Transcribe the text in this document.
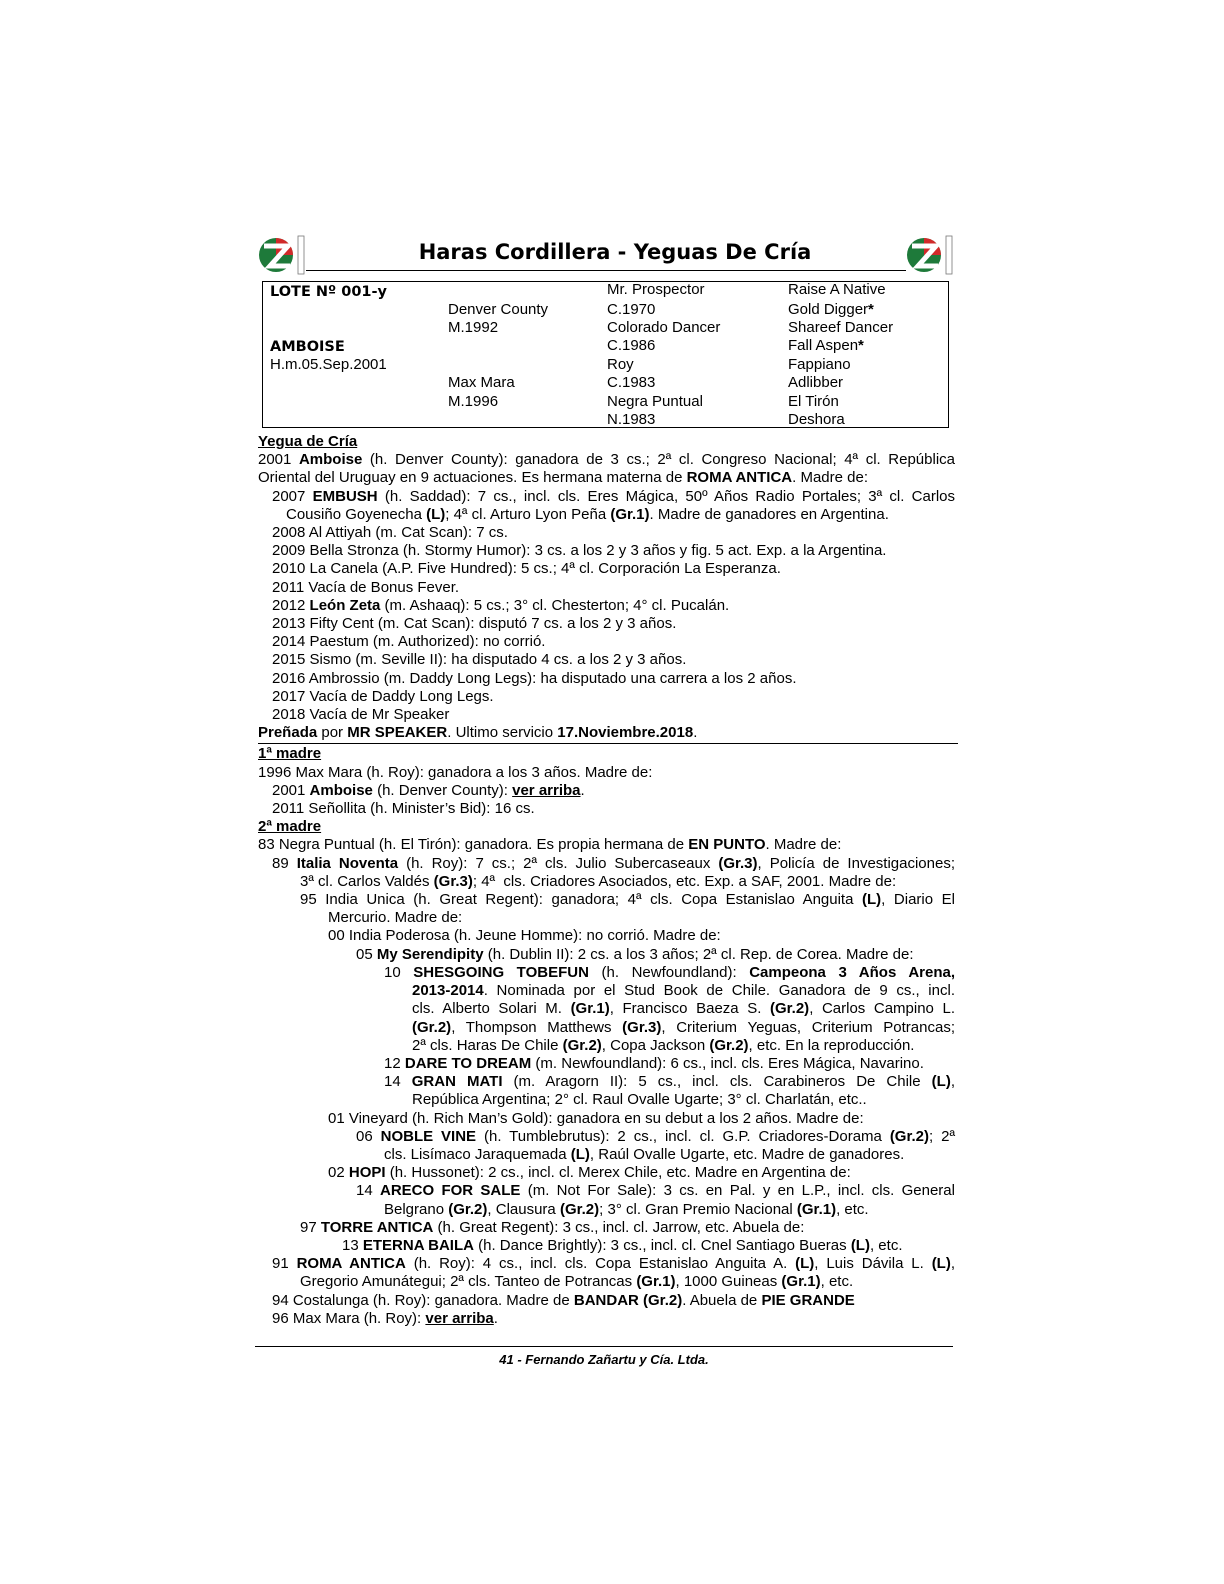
Haras Cordillera - Yeguas De Cría
LOTE Nº 001-y
AMBOISE
H.m.05.Sep.2001
Denver County
M.1992
Max Mara
M.1996
Mr. Prospector
C.1970
Colorado Dancer
C.1986
Roy
C.1983
Negra Puntual
N.1983
Raise A Native
Gold Digger*
Shareef Dancer
Fall Aspen*
Fappiano
Adlibber
El Tirón
Deshora
Yegua de Cría
2001 Amboise (h. Denver County): ganadora de 3 cs.; 2ª cl. Congreso Nacional; 4ª cl. República
Oriental del Uruguay en 9 actuaciones. Es hermana materna de ROMA ANTICA. Madre de:
2007 EMBUSH (h. Saddad): 7 cs., incl. cls. Eres Mágica, 50º Años Radio Portales; 3ª cl. Carlos
Cousiño Goyenecha (L); 4ª cl. Arturo Lyon Peña (Gr.1). Madre de ganadores en Argentina.
2008 Al Attiyah (m. Cat Scan): 7 cs.
2009 Bella Stronza (h. Stormy Humor): 3 cs. a los 2 y 3 años y fig. 5 act. Exp. a la Argentina.
2010 La Canela (A.P. Five Hundred): 5 cs.; 4ª cl. Corporación La Esperanza.
2011 Vacía de Bonus Fever.
2012 León Zeta (m. Ashaaq): 5 cs.; 3° cl. Chesterton; 4° cl. Pucalán.
2013 Fifty Cent (m. Cat Scan): disputó 7 cs. a los 2 y 3 años.
2014 Paestum (m. Authorized): no corrió.
2015 Sismo (m. Seville II): ha disputado 4 cs. a los 2 y 3 años.
2016 Ambrossio (m. Daddy Long Legs): ha disputado una carrera a los 2 años.
2017 Vacía de Daddy Long Legs.
2018 Vacía de Mr Speaker
Preñada por MR SPEAKER. Ultimo servicio 17.Noviembre.2018.
1ª madre
1996 Max Mara (h. Roy): ganadora a los 3 años. Madre de:
2001 Amboise (h. Denver County): ver arriba.
2011 Señollita (h. Minister’s Bid): 16 cs.
2ª madre
83 Negra Puntual (h. El Tirón): ganadora. Es propia hermana de EN PUNTO. Madre de:
89 Italia Noventa (h. Roy): 7 cs.; 2ª cls. Julio Subercaseaux (Gr.3), Policía de Investigaciones;
3ª cl. Carlos Valdés (Gr.3); 4ª  cls. Criadores Asociados, etc. Exp. a SAF, 2001. Madre de:
95 India Unica (h. Great Regent): ganadora; 4ª cls. Copa Estanislao Anguita (L), Diario El
Mercurio. Madre de:
00 India Poderosa (h. Jeune Homme): no corrió. Madre de:
05 My Serendipity (h. Dublin II): 2 cs. a los 3 años; 2ª cl. Rep. de Corea. Madre de:
10 SHESGOING TOBEFUN (h. Newfoundland): Campeona 3 Años Arena,
2013-2014. Nominada por el Stud Book de Chile. Ganadora de 9 cs., incl.
cls. Alberto Solari M. (Gr.1), Francisco Baeza S. (Gr.2), Carlos Campino L.
(Gr.2), Thompson Matthews (Gr.3), Criterium Yeguas, Criterium Potrancas;
2ª cls. Haras De Chile (Gr.2), Copa Jackson (Gr.2), etc. En la reproducción.
12 DARE TO DREAM (m. Newfoundland): 6 cs., incl. cls. Eres Mágica, Navarino.
14 GRAN MATI (m. Aragorn II): 5 cs., incl. cls. Carabineros De Chile (L),
República Argentina; 2° cl. Raul Ovalle Ugarte; 3° cl. Charlatán, etc..
01 Vineyard (h. Rich Man’s Gold): ganadora en su debut a los 2 años. Madre de:
06 NOBLE VINE (h. Tumblebrutus): 2 cs., incl. cl. G.P. Criadores-Dorama (Gr.2); 2ª
cls. Lisímaco Jaraquemada (L), Raúl Ovalle Ugarte, etc. Madre de ganadores.
02 HOPI (h. Hussonet): 2 cs., incl. cl. Merex Chile, etc. Madre en Argentina de:
14 ARECO FOR SALE (m. Not For Sale): 3 cs. en Pal. y en L.P., incl. cls. General
Belgrano (Gr.2), Clausura (Gr.2); 3° cl. Gran Premio Nacional (Gr.1), etc.
97 TORRE ANTICA (h. Great Regent): 3 cs., incl. cl. Jarrow, etc. Abuela de:
13 ETERNA BAILA (h. Dance Brightly): 3 cs., incl. cl. Cnel Santiago Bueras (L), etc.
91 ROMA ANTICA (h. Roy): 4 cs., incl. cls. Copa Estanislao Anguita A. (L), Luis Dávila L. (L),
Gregorio Amunátegui; 2ª cls. Tanteo de Potrancas (Gr.1), 1000 Guineas (Gr.1), etc.
94 Costalunga (h. Roy): ganadora. Madre de BANDAR (Gr.2). Abuela de PIE GRANDE
96 Max Mara (h. Roy): ver arriba.
41 - Fernando Zañartu y Cía. Ltda.
